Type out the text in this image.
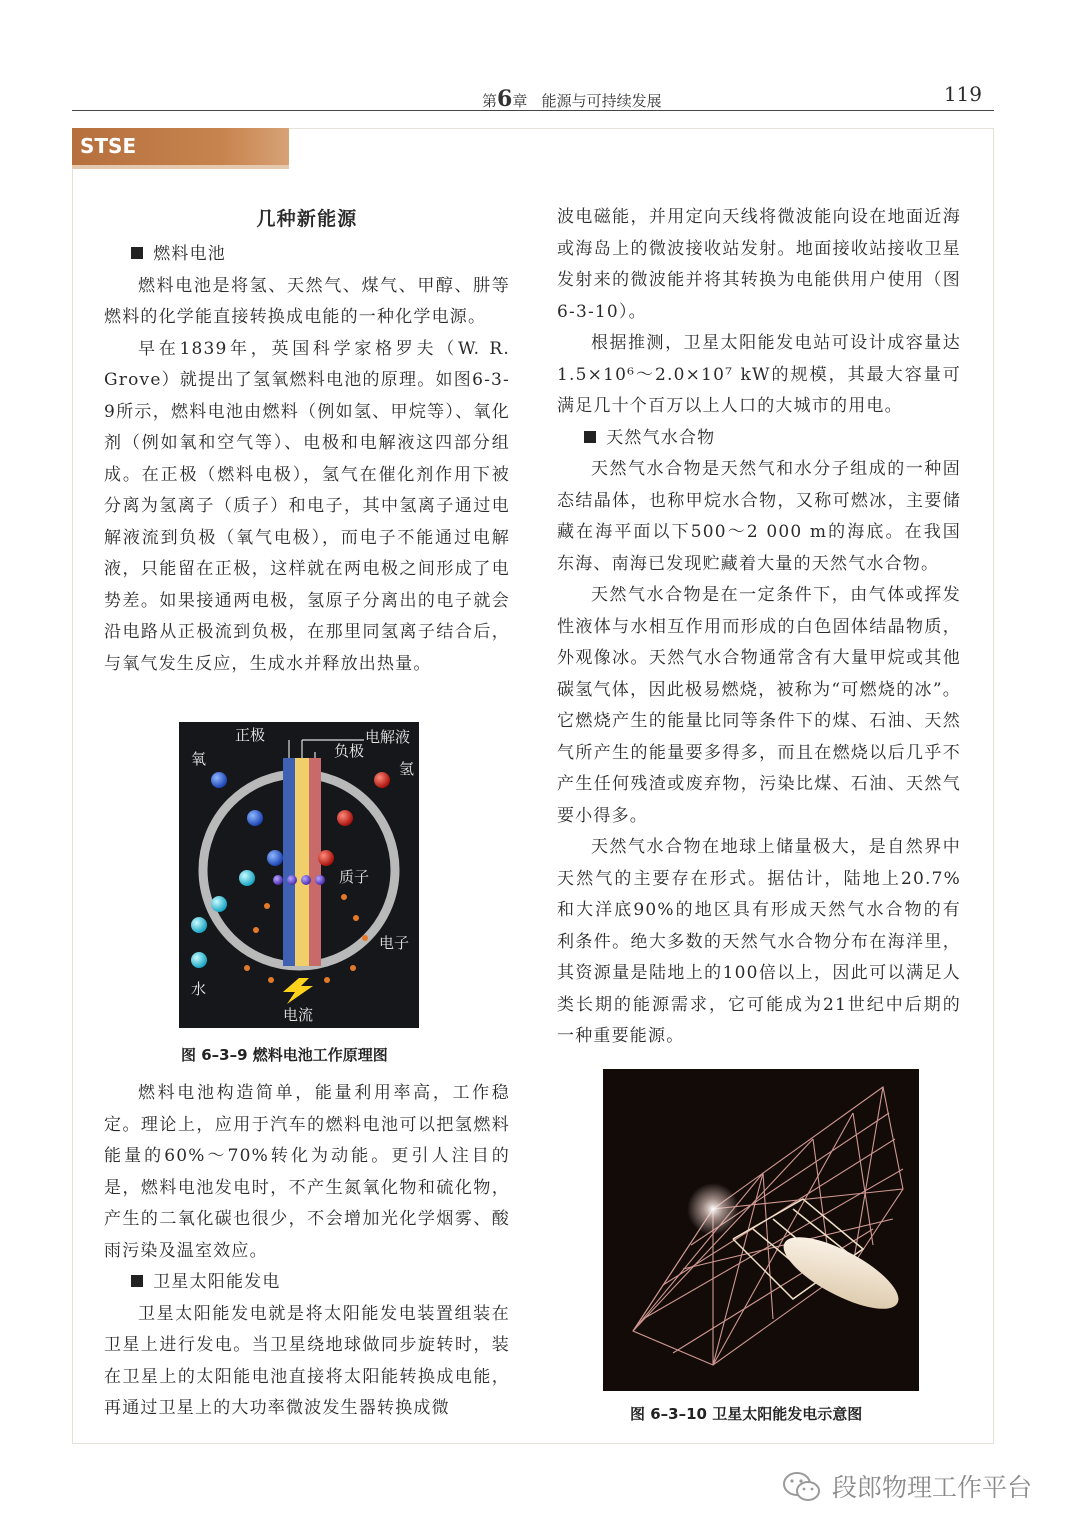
第6章 能源与可持续发展	119
STSE
几种新能源

燃料电池

燃料电池是将氢、天然气、煤气、甲醇、肼等燃料的化学能直接转换成电能的一种化学电源。

早在1839年，英国科学家格罗夫（W. R. Grove）就提出了氢氧燃料电池的原理。如图6-3-9所示，燃料电池由燃料（例如氢、甲烷等）、氧化剂（例如氧和空气等）、电极和电解液这四部分组成。在正极（燃料电极），氢气在催化剂作用下被分离为氢离子（质子）和电子，其中氢离子通过电解液流到负极（氧气电极），而电子不能通过电解液，只能留在正极，这样就在两电极之间形成了电势差。如果接通两电极，氢原子分离出的电子就会沿电路从正极流到负极，在那里同氢离子结合后，与氧气发生反应，生成水并释放出热量。

正极	电解液
负极
氧
氢
质子
电子
水
电流
图 6–3–9 燃料电池工作原理图

燃料电池构造简单，能量利用率高，工作稳定。理论上，应用于汽车的燃料电池可以把氢燃料能量的60%～70%转化为动能。更引人注目的是，燃料电池发电时，不产生氮氧化物和硫化物，产生的二氧化碳也很少，不会增加光化学烟雾、酸雨污染及温室效应。

卫星太阳能发电

卫星太阳能发电就是将太阳能发电装置组装在卫星上进行发电。当卫星绕地球做同步旋转时，装在卫星上的太阳能电池直接将太阳能转换成电能，再通过卫星上的大功率微波发生器转换成微

波电磁能，并用定向天线将微波能向设在地面近海或海岛上的微波接收站发射。地面接收站接收卫星发射来的微波能并将其转换为电能供用户使用（图6-3-10）。

根据推测，卫星太阳能发电站可设计成容量达1.5×10⁶～2.0×10⁷ kW的规模，其最大容量可满足几十个百万以上人口的大城市的用电。

天然气水合物

天然气水合物是天然气和水分子组成的一种固态结晶体，也称甲烷水合物，又称可燃冰，主要储藏在海平面以下500～2 000 m的海底。在我国东海、南海已发现贮藏着大量的天然气水合物。

天然气水合物是在一定条件下，由气体或挥发性液体与水相互作用而形成的白色固体结晶物质，外观像冰。天然气水合物通常含有大量甲烷或其他碳氢气体，因此极易燃烧，被称为“可燃烧的冰”。它燃烧产生的能量比同等条件下的煤、石油、天然气所产生的能量要多得多，而且在燃烧以后几乎不产生任何残渣或废弃物，污染比煤、石油、天然气要小得多。

天然气水合物在地球上储量极大，是自然界中天然气的主要存在形式。据估计，陆地上20.7%和大洋底90%的地区具有形成天然气水合物的有利条件。绝大多数的天然气水合物分布在海洋里，其资源量是陆地上的100倍以上，因此可以满足人类长期的能源需求，它可能成为21世纪中后期的一种重要能源。

图 6–3–10 卫星太阳能发电示意图
段郎物理工作平台
